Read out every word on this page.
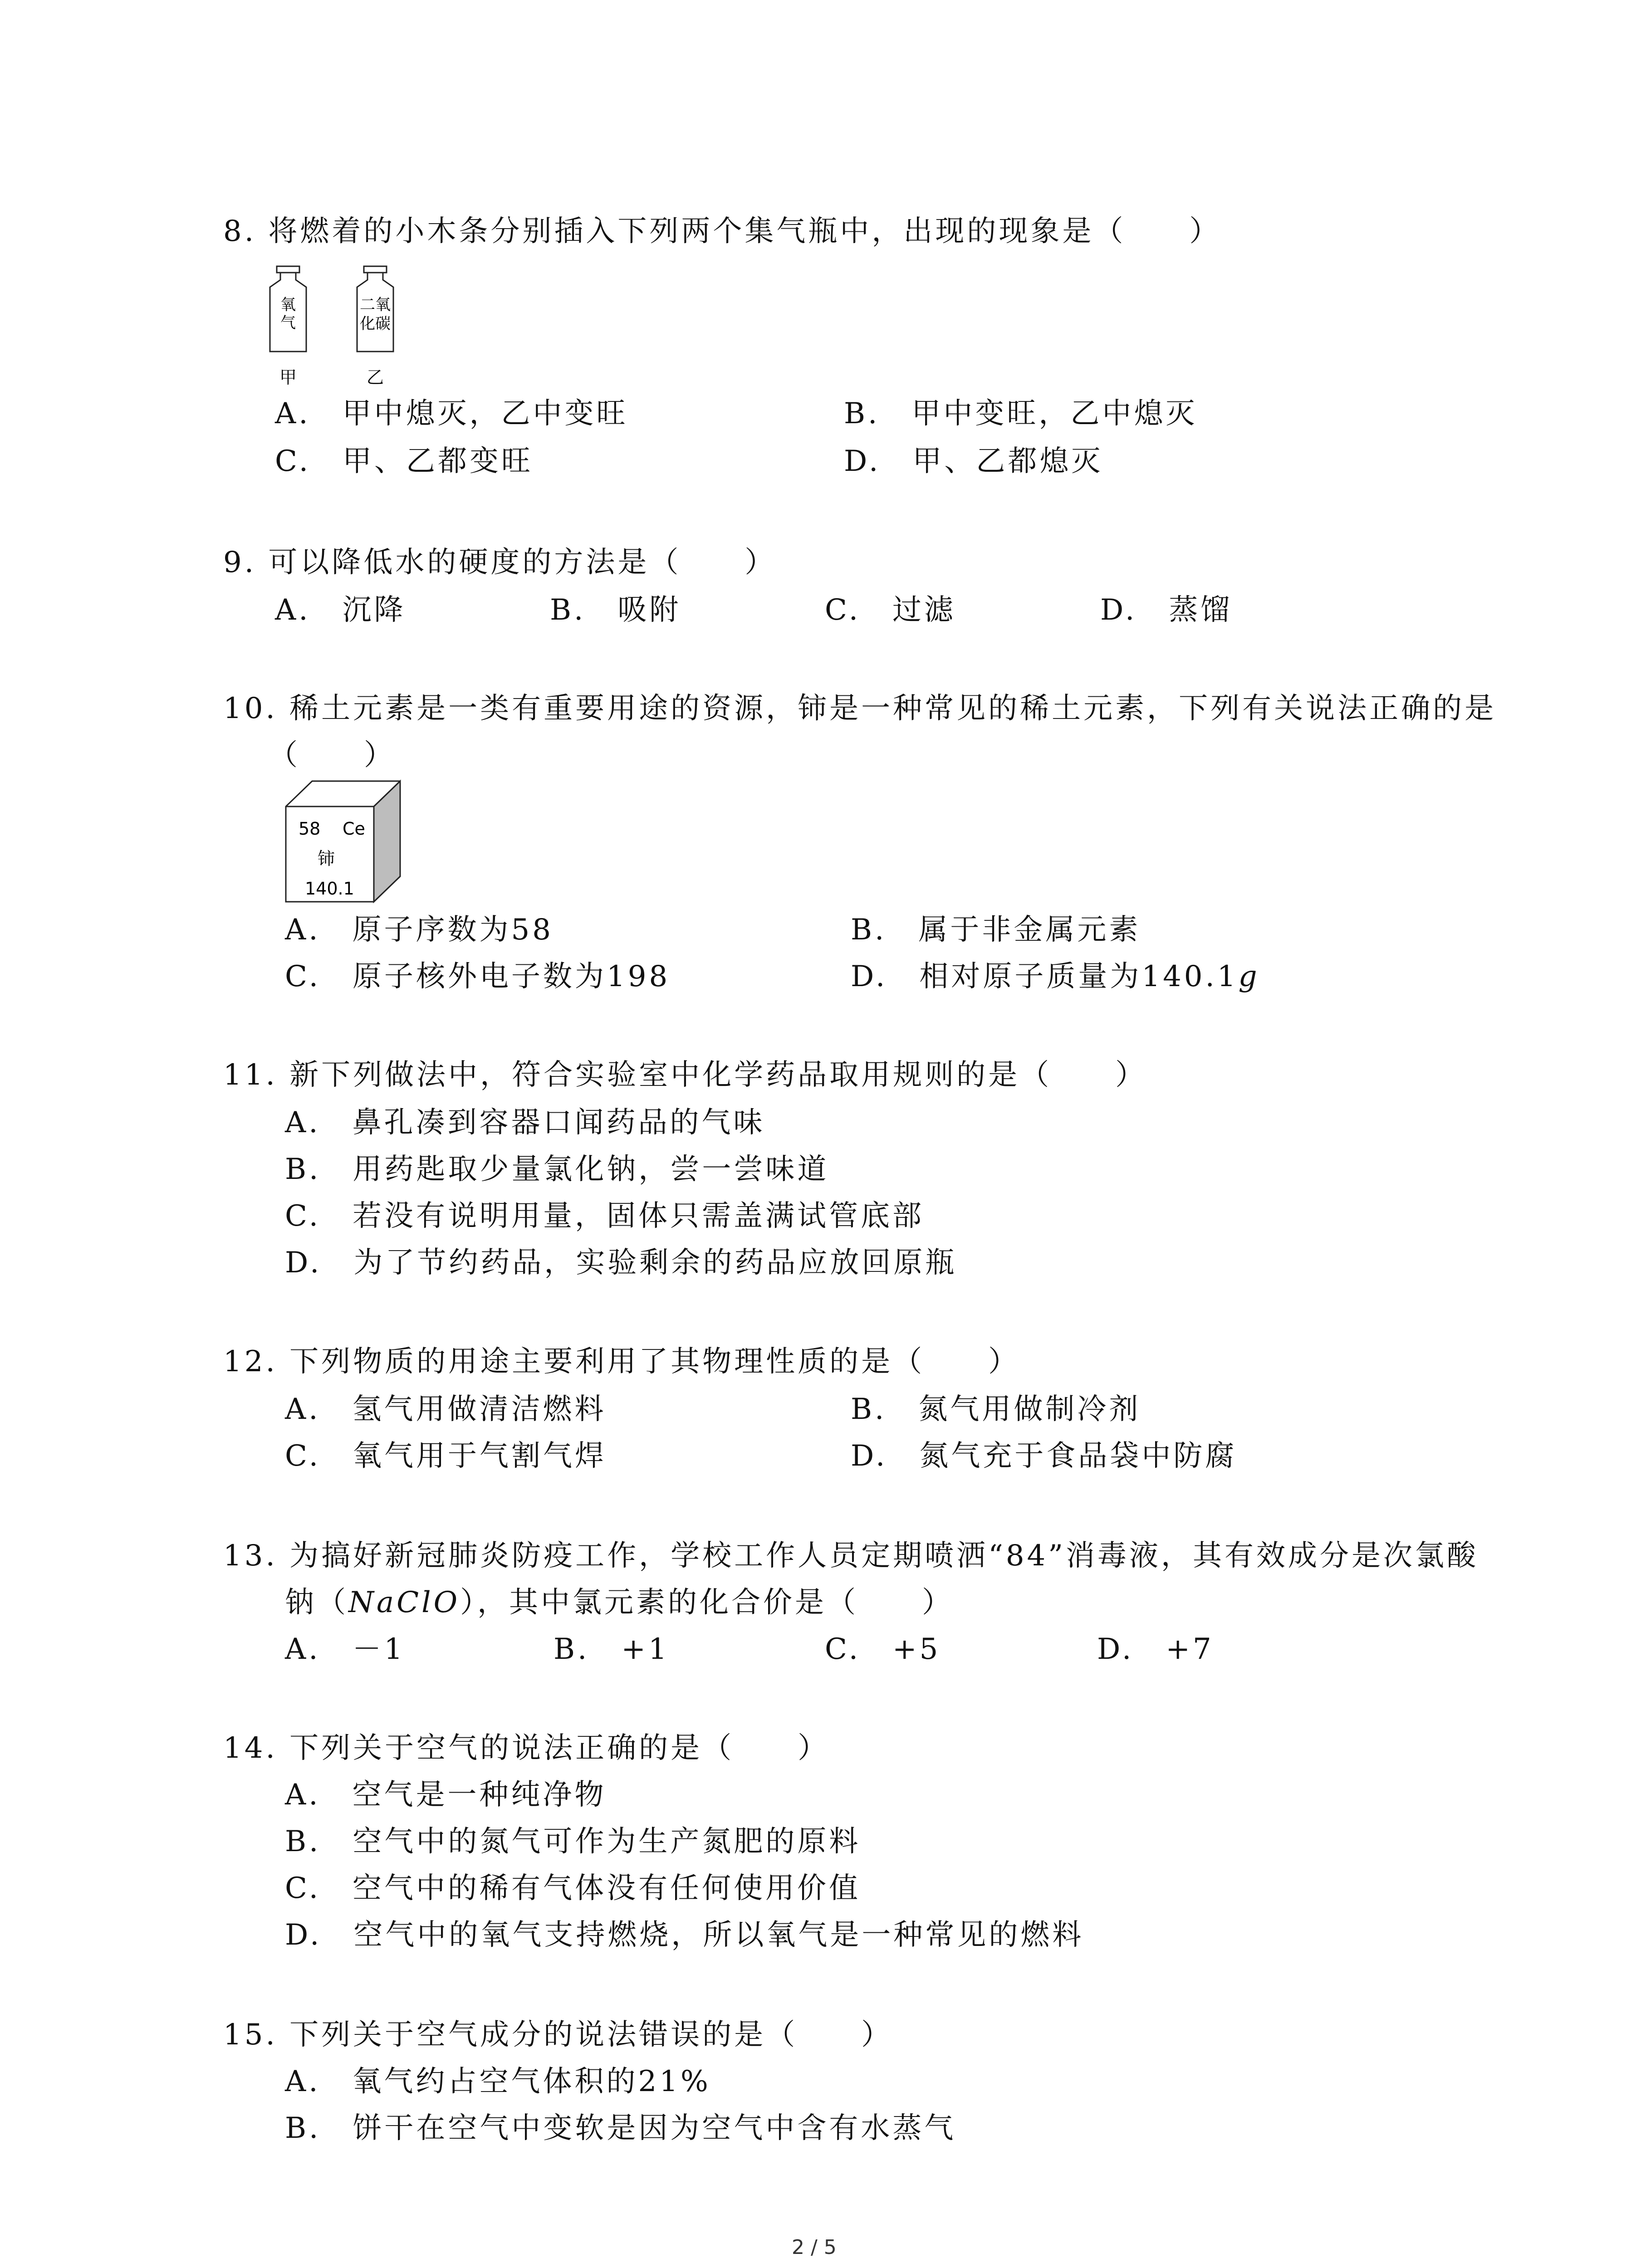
8. 将燃着的小木条分别插入下列两个集气瓶中，出现的现象是（　　）
氧
气
甲
二氧
化碳
乙
A.　甲中熄灭，乙中变旺	B.　甲中变旺，乙中熄灭
C.　甲、乙都变旺	D.　甲、乙都熄灭
9. 可以降低水的硬度的方法是（　　）
A.　沉降	B.　吸附	C.　过滤	D.　蒸馏
10. 稀土元素是一类有重要用途的资源，铈是一种常见的稀土元素，下列有关说法正确的是
（　　）
58 Ce
铈
140.1
A.　原子序数为58	B.　属于非金属元素
C.　原子核外电子数为198	D.　相对原子质量为140.1g
11. 新下列做法中，符合实验室中化学药品取用规则的是（　　）
A.　鼻孔凑到容器口闻药品的气味
B.　用药匙取少量氯化钠，尝一尝味道
C.　若没有说明用量，固体只需盖满试管底部
D.　为了节约药品，实验剩余的药品应放回原瓶
12. 下列物质的用途主要利用了其物理性质的是（　　）
A.　氢气用做清洁燃料	B.　氮气用做制冷剂
C.　氧气用于气割气焊	D.　氮气充于食品袋中防腐
13. 为搞好新冠肺炎防疫工作，学校工作人员定期喷洒“84”消毒液，其有效成分是次氯酸
钠（NaClO），其中氯元素的化合价是（　　）
A.　－1	B.　+1	C.　+5	D.　+7
14. 下列关于空气的说法正确的是（　　）
A.　空气是一种纯净物
B.　空气中的氮气可作为生产氮肥的原料
C.　空气中的稀有气体没有任何使用价值
D.　空气中的氧气支持燃烧，所以氧气是一种常见的燃料
15. 下列关于空气成分的说法错误的是（　　）
A.　氧气约占空气体积的21%
B.　饼干在空气中变软是因为空气中含有水蒸气
2 / 5
